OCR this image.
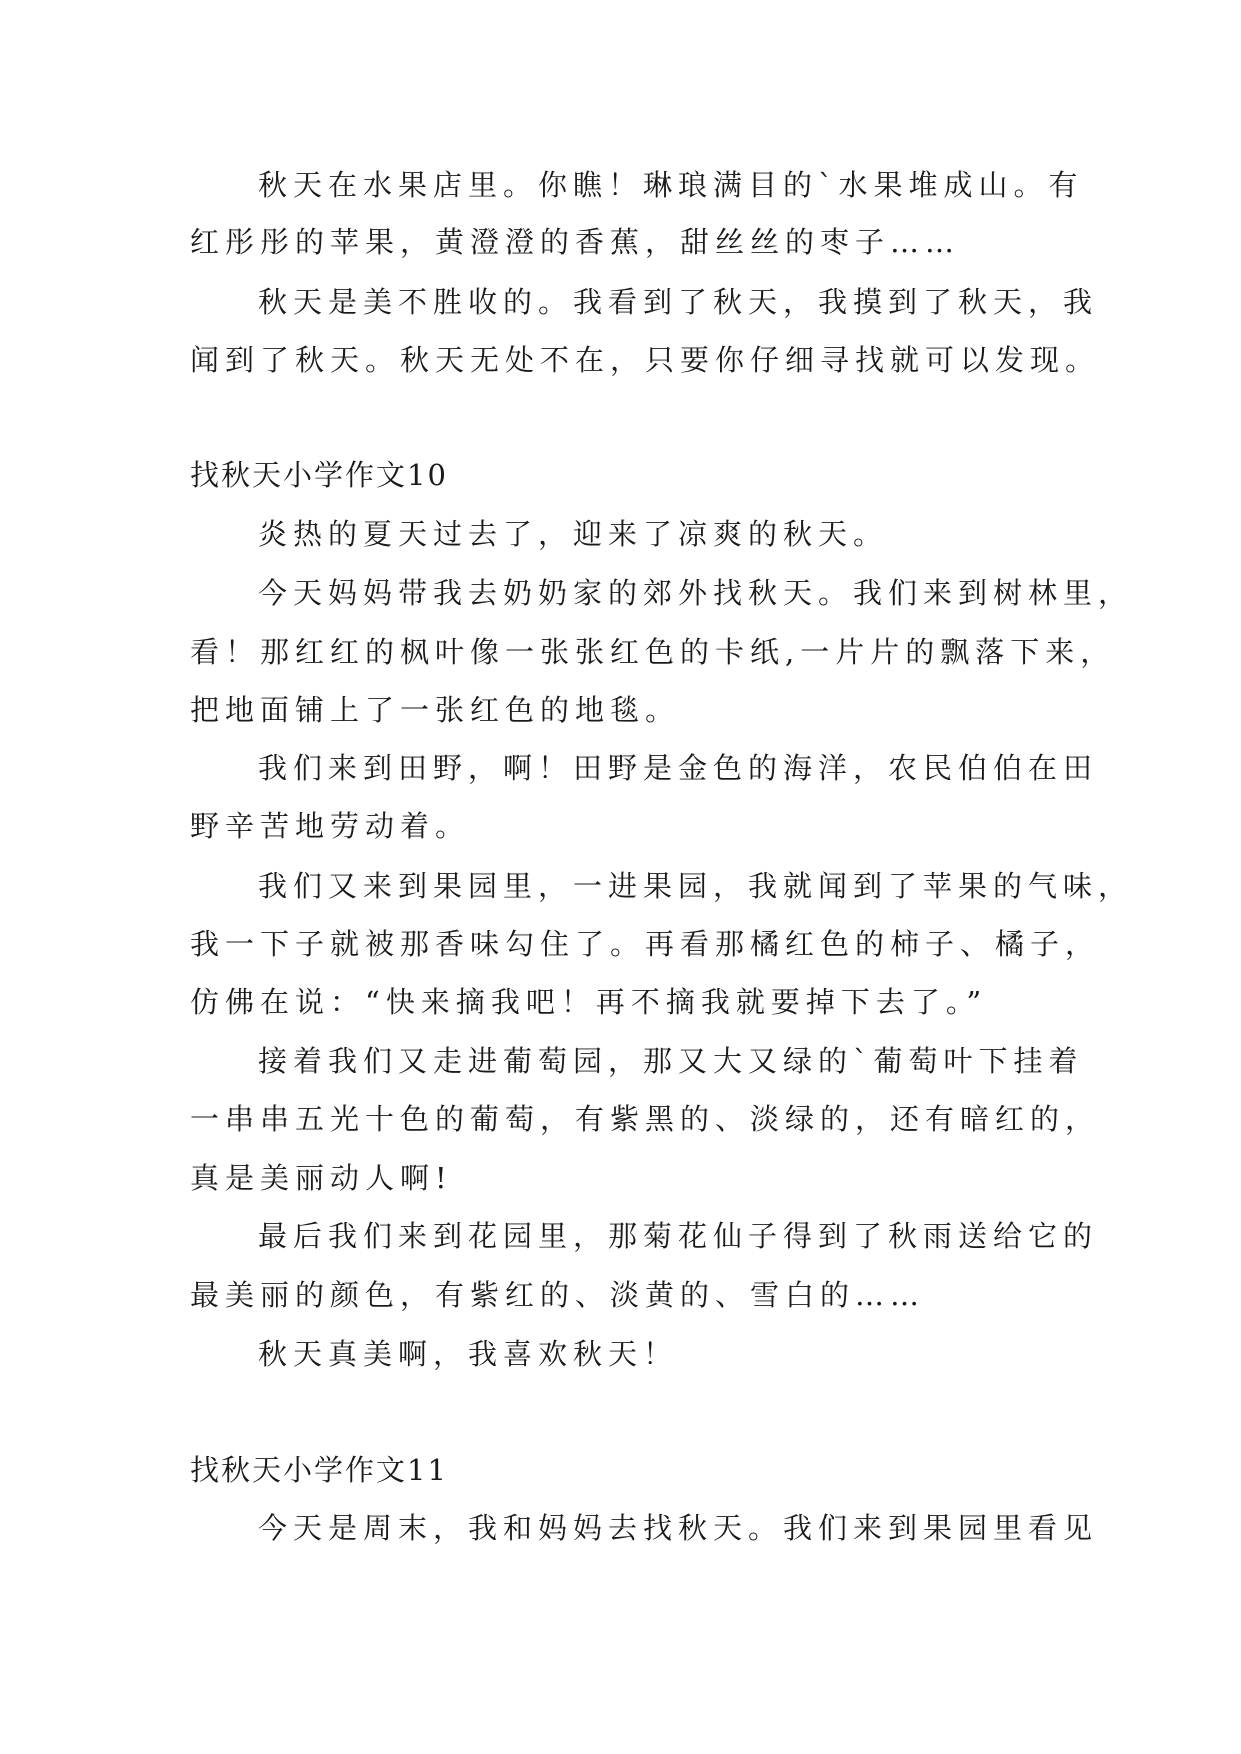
秋天在水果店里。你瞧！琳琅满目的`水果堆成山。有
红彤彤的苹果，黄澄澄的香蕉，甜丝丝的枣子……
秋天是美不胜收的。我看到了秋天，我摸到了秋天，我
闻到了秋天。秋天无处不在，只要你仔细寻找就可以发现。
找秋天小学作文10
炎热的夏天过去了，迎来了凉爽的秋天。
今天妈妈带我去奶奶家的郊外找秋天。我们来到树林里，
看！那红红的枫叶像一张张红色的卡纸,一片片的飘落下来，
把地面铺上了一张红色的地毯。
我们来到田野，啊！田野是金色的海洋，农民伯伯在田
野辛苦地劳动着。
我们又来到果园里，一进果园，我就闻到了苹果的气味，
我一下子就被那香味勾住了。再看那橘红色的柿子、橘子，
仿佛在说：“快来摘我吧！再不摘我就要掉下去了。”
接着我们又走进葡萄园，那又大又绿的`葡萄叶下挂着
一串串五光十色的葡萄，有紫黑的、淡绿的，还有暗红的，
真是美丽动人啊!
最后我们来到花园里，那菊花仙子得到了秋雨送给它的
最美丽的颜色，有紫红的、淡黄的、雪白的……
秋天真美啊，我喜欢秋天！
找秋天小学作文11
今天是周末，我和妈妈去找秋天。我们来到果园里看见
